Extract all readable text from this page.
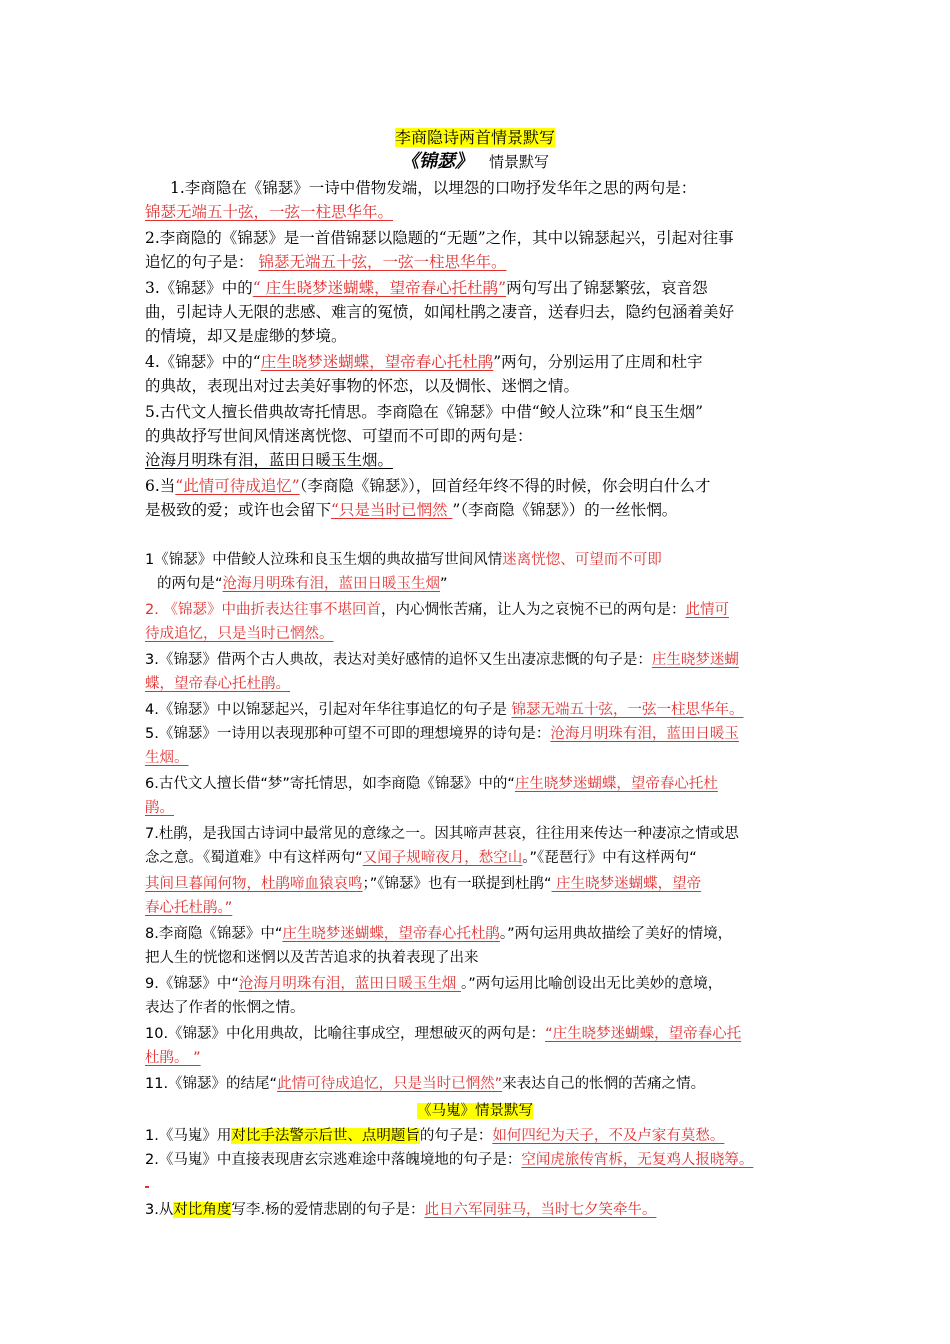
李商隐诗两首情景默写
《锦瑟》 情景默写
1.李商隐在《锦瑟》一诗中借物发端，以埋怨的口吻抒发华年之思的两句是：
锦瑟无端五十弦，一弦一柱思华年。
2.李商隐的《锦瑟》是一首借锦瑟以隐题的“无题”之作，其中以锦瑟起兴，引起对往事
追忆的句子是： 锦瑟无端五十弦，一弦一柱思华年。
3.《锦瑟》中的“ 庄生晓梦迷蝴蝶，望帝春心托杜鹃”两句写出了锦瑟繁弦，哀音怨
曲，引起诗人无限的悲感、难言的冤愤，如闻杜鹃之凄音，送春归去，隐约包涵着美好
的情境，却又是虚缈的梦境。
4.《锦瑟》中的“庄生晓梦迷蝴蝶，望帝春心托杜鹃”两句，分别运用了庄周和杜宇
的典故，表现出对过去美好事物的怀恋，以及惆怅、迷惘之情。
5.古代文人擅长借典故寄托情思。李商隐在《锦瑟》中借“鲛人泣珠”和“良玉生烟”
的典故抒写世间风情迷离恍惚、可望而不可即的两句是：
沧海月明珠有泪，蓝田日暖玉生烟。
6.当“此情可待成追忆”（李商隐《锦瑟》），回首经年终不得的时候，你会明白什么才
是极致的爱；或许也会留下“只是当时已惘然 ”（李商隐《锦瑟》）的一丝怅惘。
1《锦瑟》中借鲛人泣珠和良玉生烟的典故描写世间风情迷离恍惚、可望而不可即
的两句是“沧海月明珠有泪，蓝田日暖玉生烟”
2. 《锦瑟》中曲折表达往事不堪回首，内心惆怅苦痛，让人为之哀惋不已的两句是：此情可
待成追忆，只是当时已惘然。
3.《锦瑟》借两个古人典故，表达对美好感情的追怀又生出凄凉悲慨的句子是：庄生晓梦迷蝴
蝶，望帝春心托杜鹃。
4.《锦瑟》中以锦瑟起兴，引起对年华往事追忆的句子是 锦瑟无端五十弦，一弦一柱思华年。
5.《锦瑟》一诗用以表现那种可望不可即的理想境界的诗句是：沧海月明珠有泪，蓝田日暖玉
生烟。
6.古代文人擅长借“梦”寄托情思，如李商隐《锦瑟》中的“庄生晓梦迷蝴蝶，望帝春心托杜
鹃。
7.杜鹃，是我国古诗词中最常见的意缘之一。因其啼声甚哀，往往用来传达一种凄凉之情或思
念之意。《蜀道难》中有这样两句“又闻子规啼夜月，愁空山。”《琵琶行》中有这样两句“
其间旦暮闻何物，杜鹃啼血猿哀鸣；”《锦瑟》也有一联提到杜鹃“ 庄生晓梦迷蝴蝶，望帝
春心托杜鹃。”
8.李商隐《锦瑟》中“庄生晓梦迷蝴蝶，望帝春心托杜鹃。”两句运用典故描绘了美好的情境，
把人生的恍惚和迷惘以及苦苦追求的执着表现了出来
9.《锦瑟》中“沧海月明珠有泪，蓝田日暖玉生烟 。”两句运用比喻创设出无比美妙的意境，
表达了作者的怅惘之情。
10.《锦瑟》中化用典故，比喻往事成空，理想破灭的两句是：“庄生晓梦迷蝴蝶，望帝春心托
杜鹃。 ”
11.《锦瑟》的结尾“此情可待成追忆，只是当时已惘然”来表达自己的怅惘的苦痛之情。
《马嵬》情景默写
1.《马嵬》用对比手法警示后世、点明题旨的句子是：如何四纪为天子，不及卢家有莫愁。
2.《马嵬》中直接表现唐玄宗逃难途中落魄境地的句子是：空闻虎旅传宵柝，无复鸡人报晓筹。
3.从对比角度写李.杨的爱情悲剧的句子是：此日六军同驻马，当时七夕笑牵牛。
